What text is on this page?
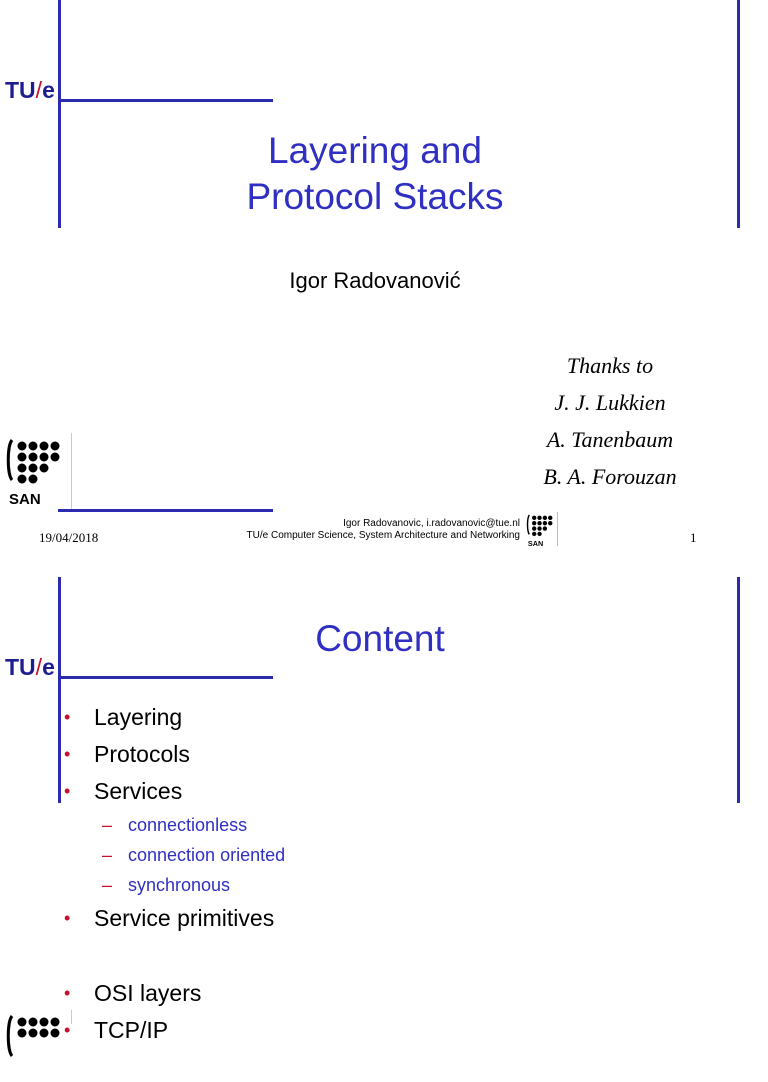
TU/e
Layering and
Protocol Stacks
Igor Radovanović
Thanks to
J. J. Lukkien
A. Tanenbaum
B. A. Forouzan
SAN
19/04/2018
Igor Radovanovic, i.radovanovic@tue.nl
TU/e Computer Science, System Architecture and Networking
SAN	1
TU/e
Content
• Layering
• Protocols
• Services
– connectionless
– connection oriented
– synchronous
• Service primitives
• OSI layers
• TCP/IP
